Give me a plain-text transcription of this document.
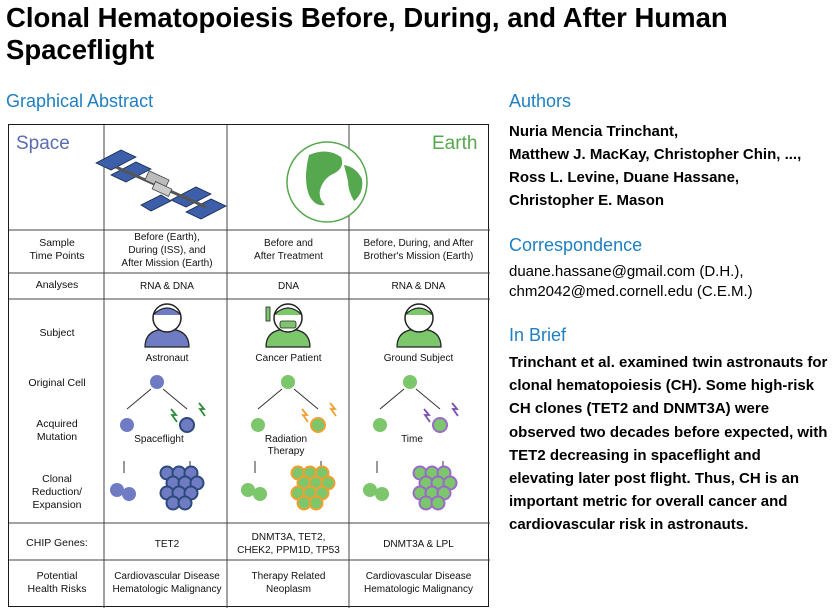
Clonal Hematopoiesis Before, During, and After Human Spaceflight
Graphical Abstract	Authors
Correspondence
In Brief
Nuria Mencia Trinchant,
Matthew J. MacKay, Christopher Chin, ...,
Ross L. Levine, Duane Hassane,
Christopher E. Mason
duane.hassane@gmail.com (D.H.),
chm2042@med.cornell.edu (C.E.M.)
Trinchant et al. examined twin astronauts for clonal hematopoiesis (CH). Some high-risk CH clones (TET2 and DNMT3A) were observed two decades before expected, with TET2 decreasing in spaceflight and elevating later post flight. Thus, CH is an important metric for overall cancer and cardiovascular risk in astronauts.
Space	Earth
Sample
Time Points
Analyses
Subject
Original Cell
Acquired
Mutation
Clonal
Reduction/
Expansion
CHIP Genes:
Potential
Health Risks
Before (Earth),
During (ISS), and
After Mission (Earth)
RNA & DNA
Astronaut
Spaceflight
TET2
Cardiovascular Disease
Hematologic Malignancy
Before and
After Treatment
DNA
Cancer Patient
Radiation
Therapy
DNMT3A, TET2,
CHEK2, PPM1D, TP53
Therapy Related
Neoplasm
Before, During, and After
Brother's Mission (Earth)
RNA & DNA
Ground Subject
Time
DNMT3A & LPL
Cardiovascular Disease
Hematologic Malignancy
